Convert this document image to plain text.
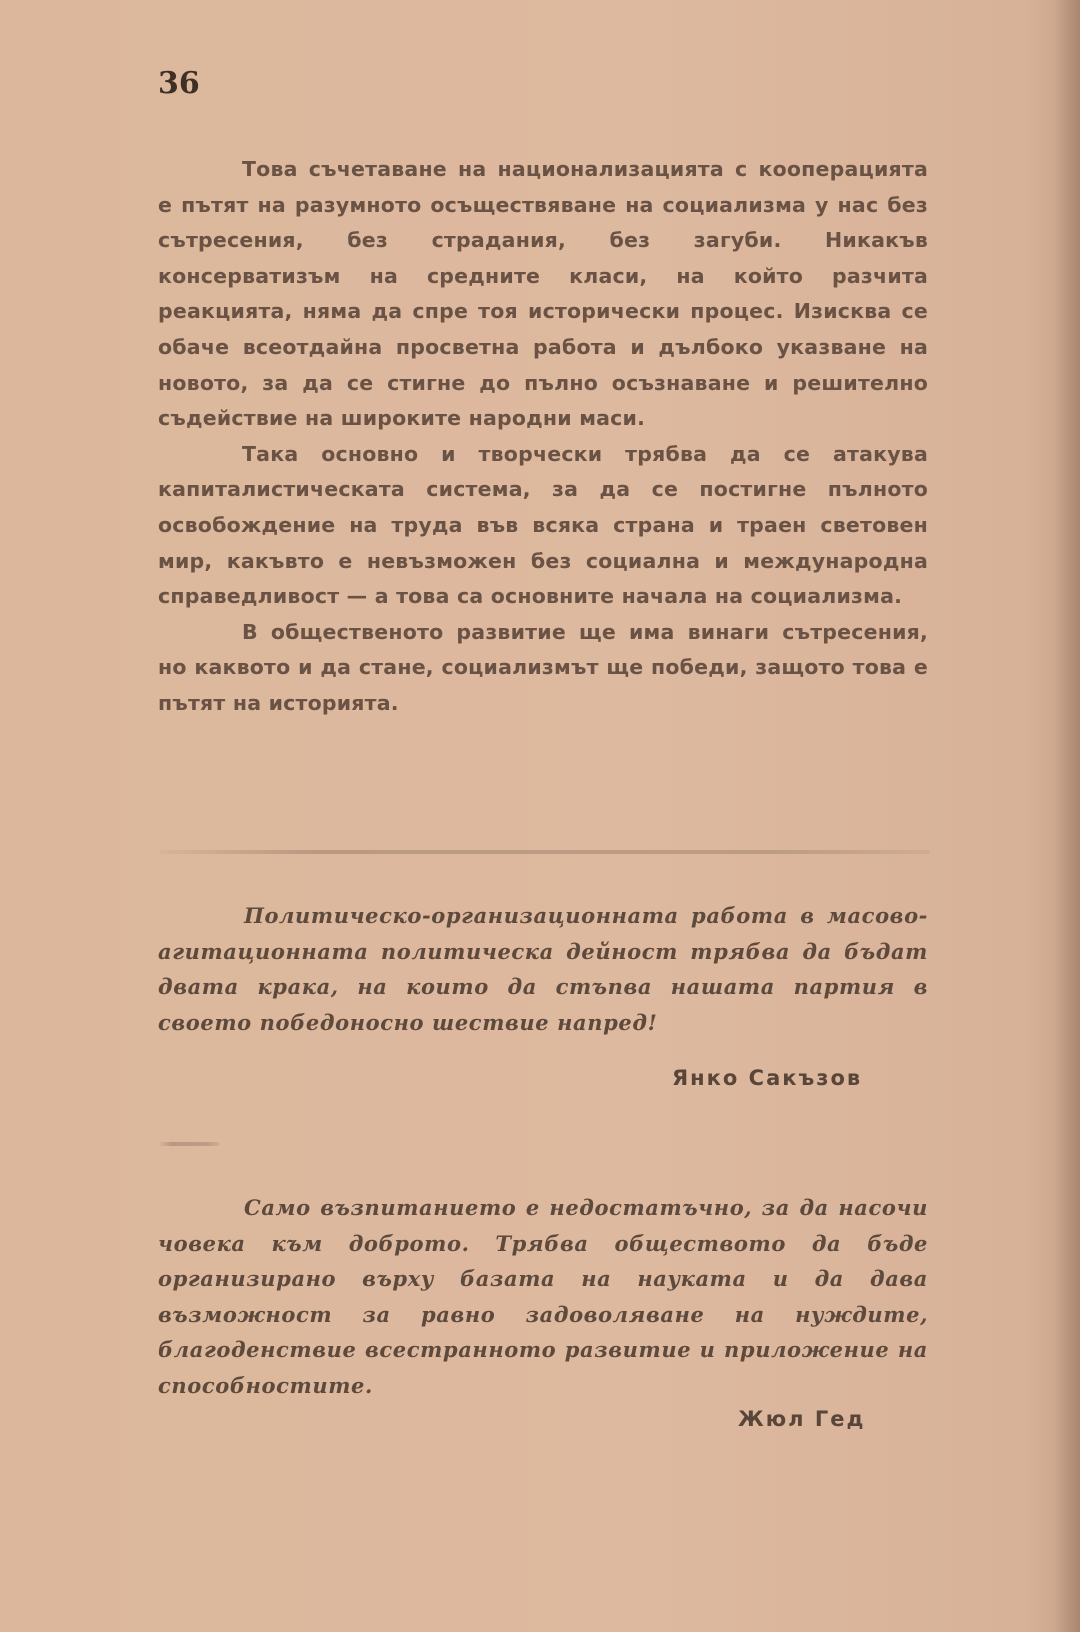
36

Това съчетаване на национализацията с кооперацията е пътят на разумното осъществяване на социализма у нас без сътресения, без страдания, без загуби. Никакъв консерватизъм на средните класи, на който разчита реакцията, няма да спре тоя исторически процес. Изисква се обаче всеотдайна просветна работа и дълбоко указване на новото, за да се стигне до пълно осъзнаване и решително съдействие на широките народни маси.

Така основно и творчески трябва да се атакува капиталистическата система, за да се постигне пълното освобождение на труда във всяка страна и траен световен мир, какъвто е невъзможен без социална и международна справедливост — а това са основните начала на социализма.

В общественото развитие ще има винаги сътресения, но каквото и да стане, социализмът ще победи, защото това е пътят на историята.

Политическо-организационната работа в масово-агитационната политическа дейност трябва да бъдат двата крака, на които да стъпва нашата партия в своето победоносно шествие напред!

Янко Сакъзов

Само възпитанието е недостатъчно, за да насочи човека към доброто. Трябва обществото да бъде организирано върху базата на науката и да дава възможност за равно задоволяване на нуждите, благоденствие всестранното развитие и приложение на способностите.

Жюл Гед
